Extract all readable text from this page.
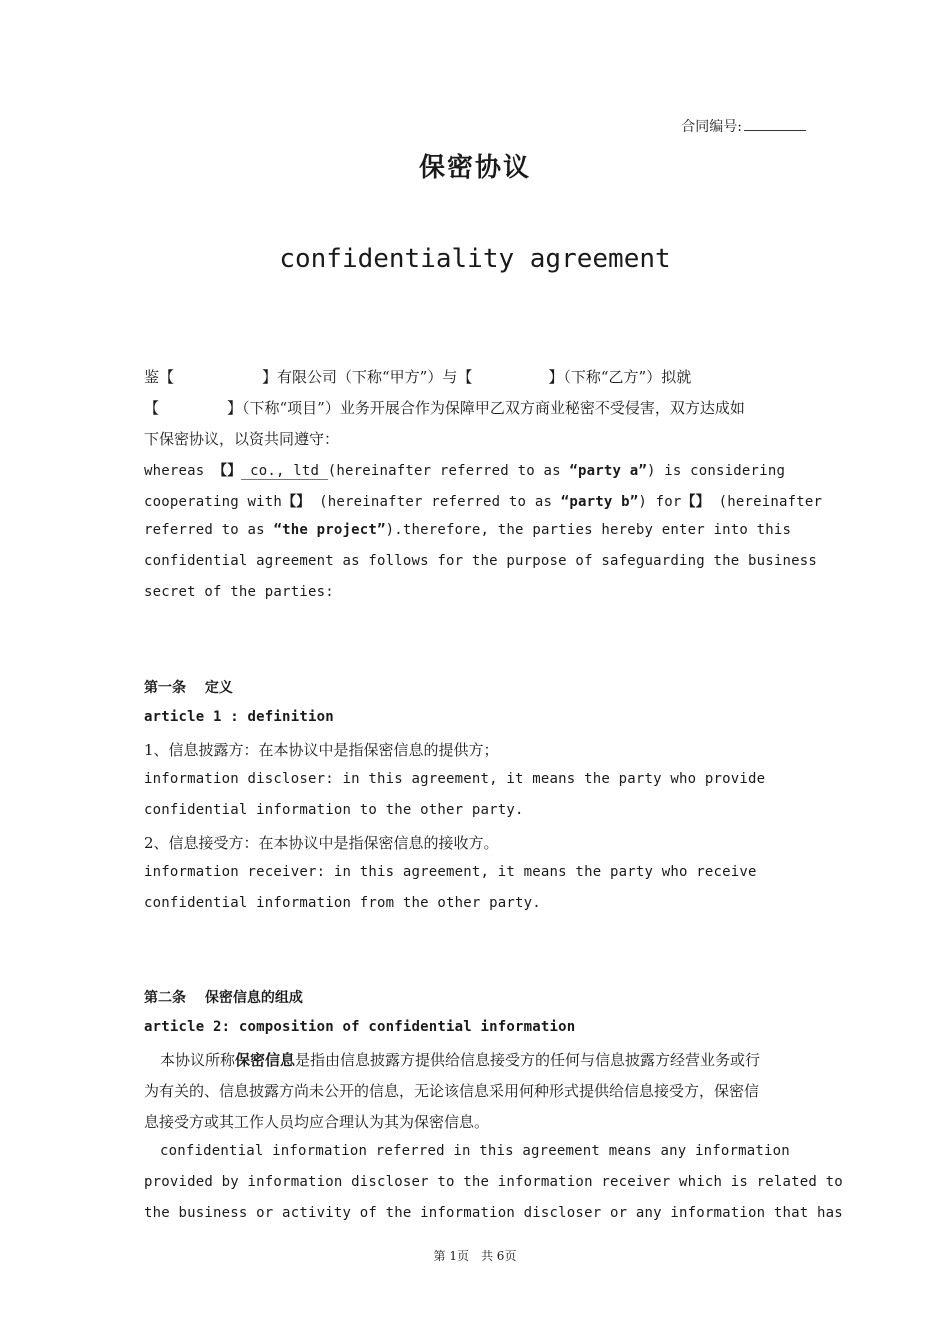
合同编号:
保密协议
confidentiality agreement
鉴【	】有限公司（下称“甲方”）与【	】（下称“乙方”）拟就
【	】（下称“项目”）业务开展合作为保障甲乙双方商业秘密不受侵害，双方达成如
下保密协议，以资共同遵守：
whereas 【】 co., ltd (hereinafter referred to as “party a”) is considering
cooperating with【】 (hereinafter referred to as “party b”) for【】 (hereinafter
referred to as “the project”).therefore, the parties hereby enter into this
confidential agreement as follows for the purpose of safeguarding the business
secret of the parties:
第一条　 定义
article 1 : definition
1、信息披露方：在本协议中是指保密信息的提供方；
information discloser: in this agreement, it means the party who provide
confidential information to the other party.
2、信息接受方：在本协议中是指保密信息的接收方。
information receiver: in this agreement, it means the party who receive
confidential information from the other party.
第二条　 保密信息的组成
article 2: composition of confidential information
本协议所称保密信息是指由信息披露方提供给信息接受方的任何与信息披露方经营业务或行
为有关的、信息披露方尚未公开的信息，无论该信息采用何种形式提供给信息接受方，保密信
息接受方或其工作人员均应合理认为其为保密信息。
confidential information referred in this agreement means any information
provided by information discloser to the information receiver which is related to
the business or activity of the information discloser or any information that has
第 1页　共 6页
